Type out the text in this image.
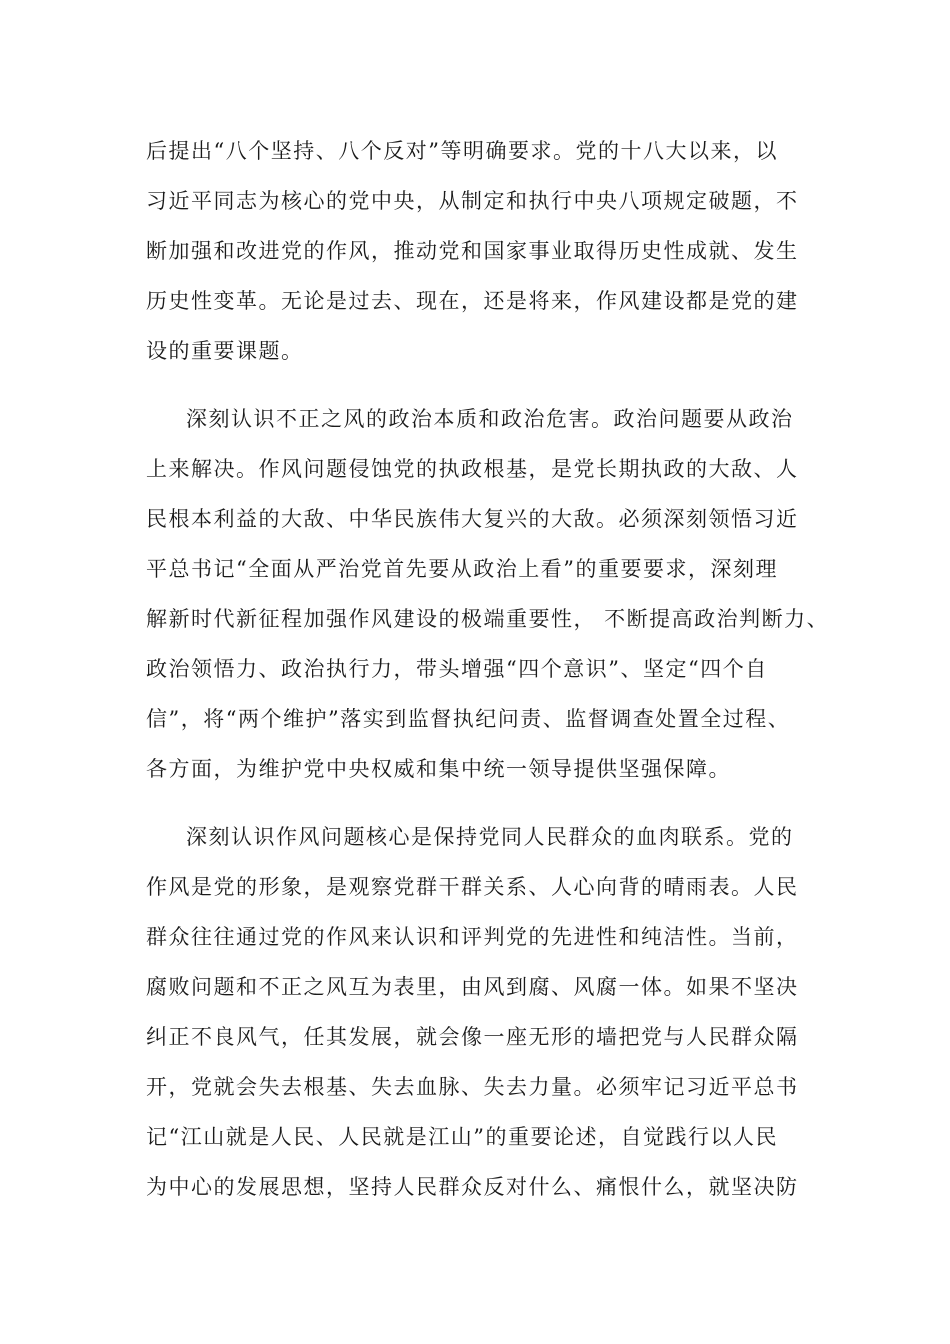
后提出“八个坚持、八个反对”等明确要求。党的十八大以来，以

习近平同志为核心的党中央，从制定和执行中央八项规定破题，不

断加强和改进党的作风，推动党和国家事业取得历史性成就、发生

历史性变革。无论是过去、现在，还是将来，作风建设都是党的建

设的重要课题。

深刻认识不正之风的政治本质和政治危害。政治问题要从政治

上来解决。作风问题侵蚀党的执政根基，是党长期执政的大敌、人

民根本利益的大敌、中华民族伟大复兴的大敌。必须深刻领悟习近

平总书记“全面从严治党首先要从政治上看”的重要要求，深刻理

解新时代新征程加强作风建设的极端重要性， 不断提高政治判断力、

政治领悟力、政治执行力，带头增强“四个意识”、坚定“四个自

信”，将“两个维护”落实到监督执纪问责、监督调查处置全过程、

各方面，为维护党中央权威和集中统一领导提供坚强保障。

深刻认识作风问题核心是保持党同人民群众的血肉联系。党的

作风是党的形象，是观察党群干群关系、人心向背的晴雨表。人民

群众往往通过党的作风来认识和评判党的先进性和纯洁性。当前，

腐败问题和不正之风互为表里，由风到腐、风腐一体。如果不坚决

纠正不良风气，任其发展，就会像一座无形的墙把党与人民群众隔

开，党就会失去根基、失去血脉、失去力量。必须牢记习近平总书

记“江山就是人民、人民就是江山”的重要论述，自觉践行以人民

为中心的发展思想，坚持人民群众反对什么、痛恨什么，就坚决防
